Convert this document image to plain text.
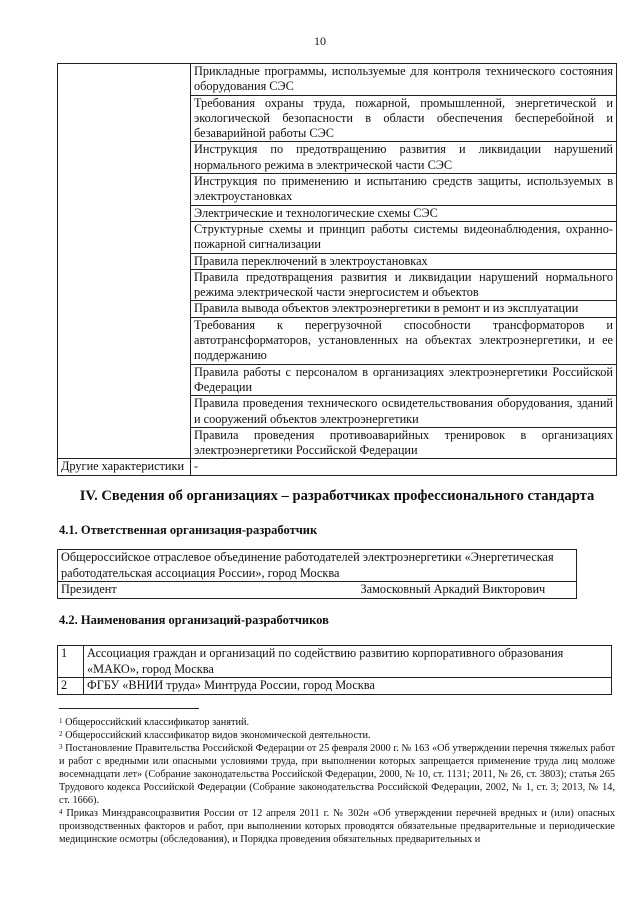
10
	Прикладные программы, используемые для контроля технического состояния оборудования СЭС
	Требования охраны труда, пожарной, промышленной, энергетической и экологической безопасности в области обеспечения бесперебойной и безаварийной работы СЭС
	Инструкция по предотвращению развития и ликвидации нарушений нормального режима в электрической части СЭС
	Инструкция по применению и испытанию средств защиты, используемых в электроустановках
	Электрические и технологические схемы СЭС
	Структурные схемы и принцип работы системы видеонаблюдения, охранно-пожарной сигнализации
	Правила переключений в электроустановках
	Правила предотвращения развития и ликвидации нарушений нормального режима электрической части энергосистем и объектов
	Правила вывода объектов электроэнергетики в ремонт и из эксплуатации
	Требования к перегрузочной способности трансформаторов и автотрансформаторов, установленных на объектах электроэнергетики, и ее поддержанию
	Правила работы с персоналом в организациях электроэнергетики Российской Федерации
	Правила проведения технического освидетельствования оборудования, зданий и сооружений объектов электроэнергетики
	Правила проведения противоаварийных тренировок в организациях электроэнергетики Российской Федерации
Другие характеристики	-
IV. Сведения об организациях – разработчиках профессионального стандарта
4.1. Ответственная организация-разработчик
Общероссийское отраслевое объединение работодателей электроэнергетики «Энергетическая работодательская ассоциация России», город Москва
Президент	Замосковный Аркадий Викторович
4.2. Наименования организаций-разработчиков
1	Ассоциация граждан и организаций по содействию развитию корпоративного образования «МАКО», город Москва
2	ФГБУ «ВНИИ труда» Минтруда России, город Москва

$^1$ Общероссийский классификатор занятий.

$^2$ Общероссийский классификатор видов экономической деятельности.

$^3$ Постановление Правительства Российской Федерации от 25 февраля 2000 г. № 163 «Об утверждении перечня тяжелых работ и работ с вредными или опасными условиями труда, при выполнении которых запрещается применение труда лиц моложе восемнадцати лет» (Собрание законодательства Российской Федерации, 2000, № 10, ст. 1131; 2011, № 26, ст. 3803); статья 265 Трудового кодекса Российской Федерации (Собрание законодательства Российской Федерации, 2002, № 1, ст. 3; 2013, № 14, ст. 1666).

$^4$ Приказ Минздравсоцразвития России от 12 апреля 2011 г. № 302н «Об утверждении перечней вредных и (или) опасных производственных факторов и работ, при выполнении которых проводятся обязательные предварительные и периодические медицинские осмотры (обследования), и Порядка проведения обязательных предварительных и
